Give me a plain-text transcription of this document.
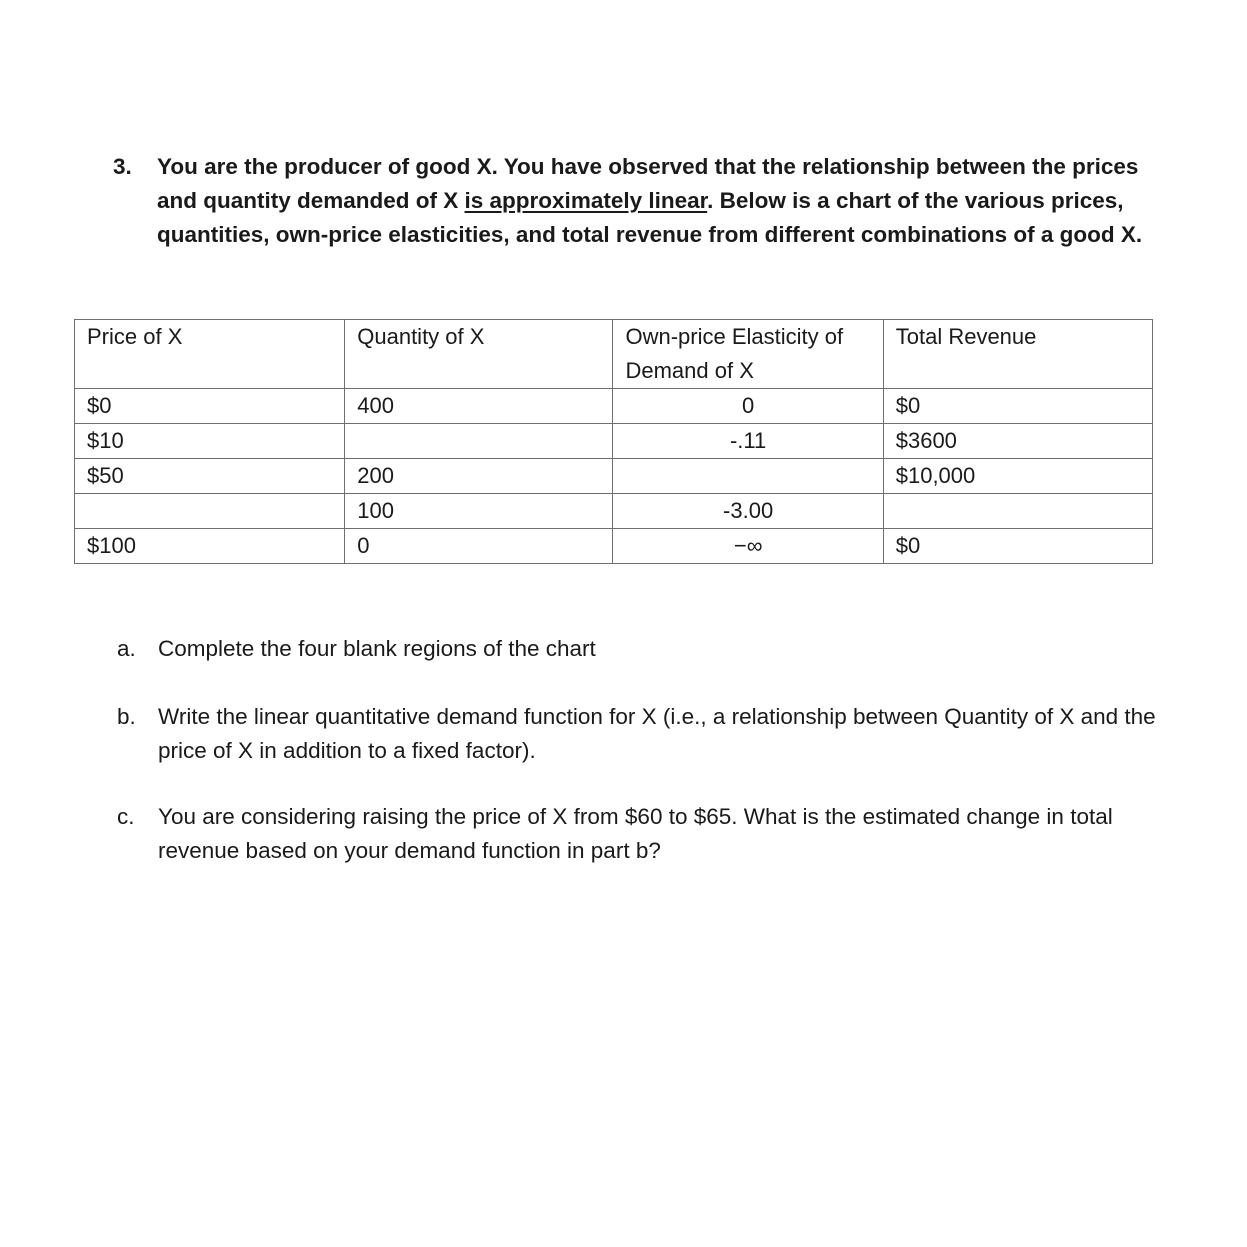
3.	You are the producer of good X. You have observed that the relationship between the prices and quantity demanded of X is approximately linear. Below is a chart of the various prices, quantities, own-price elasticities, and total revenue from different combinations of a good X.
Price of X	Quantity of X	Own-price Elasticity of Demand of X	Total Revenue
$0	400	0	$0
$10		-.11	$3600
$50	200		$10,000
	100	-3.00	
$100	0	−∞	$0
a. Complete the four blank regions of the chart
b. Write the linear quantitative demand function for X (i.e., a relationship between Quantity of X and the price of X in addition to a fixed factor).
c.	You are considering raising the price of X from $60 to $65. What is the estimated change in total revenue based on your demand function in part b?
